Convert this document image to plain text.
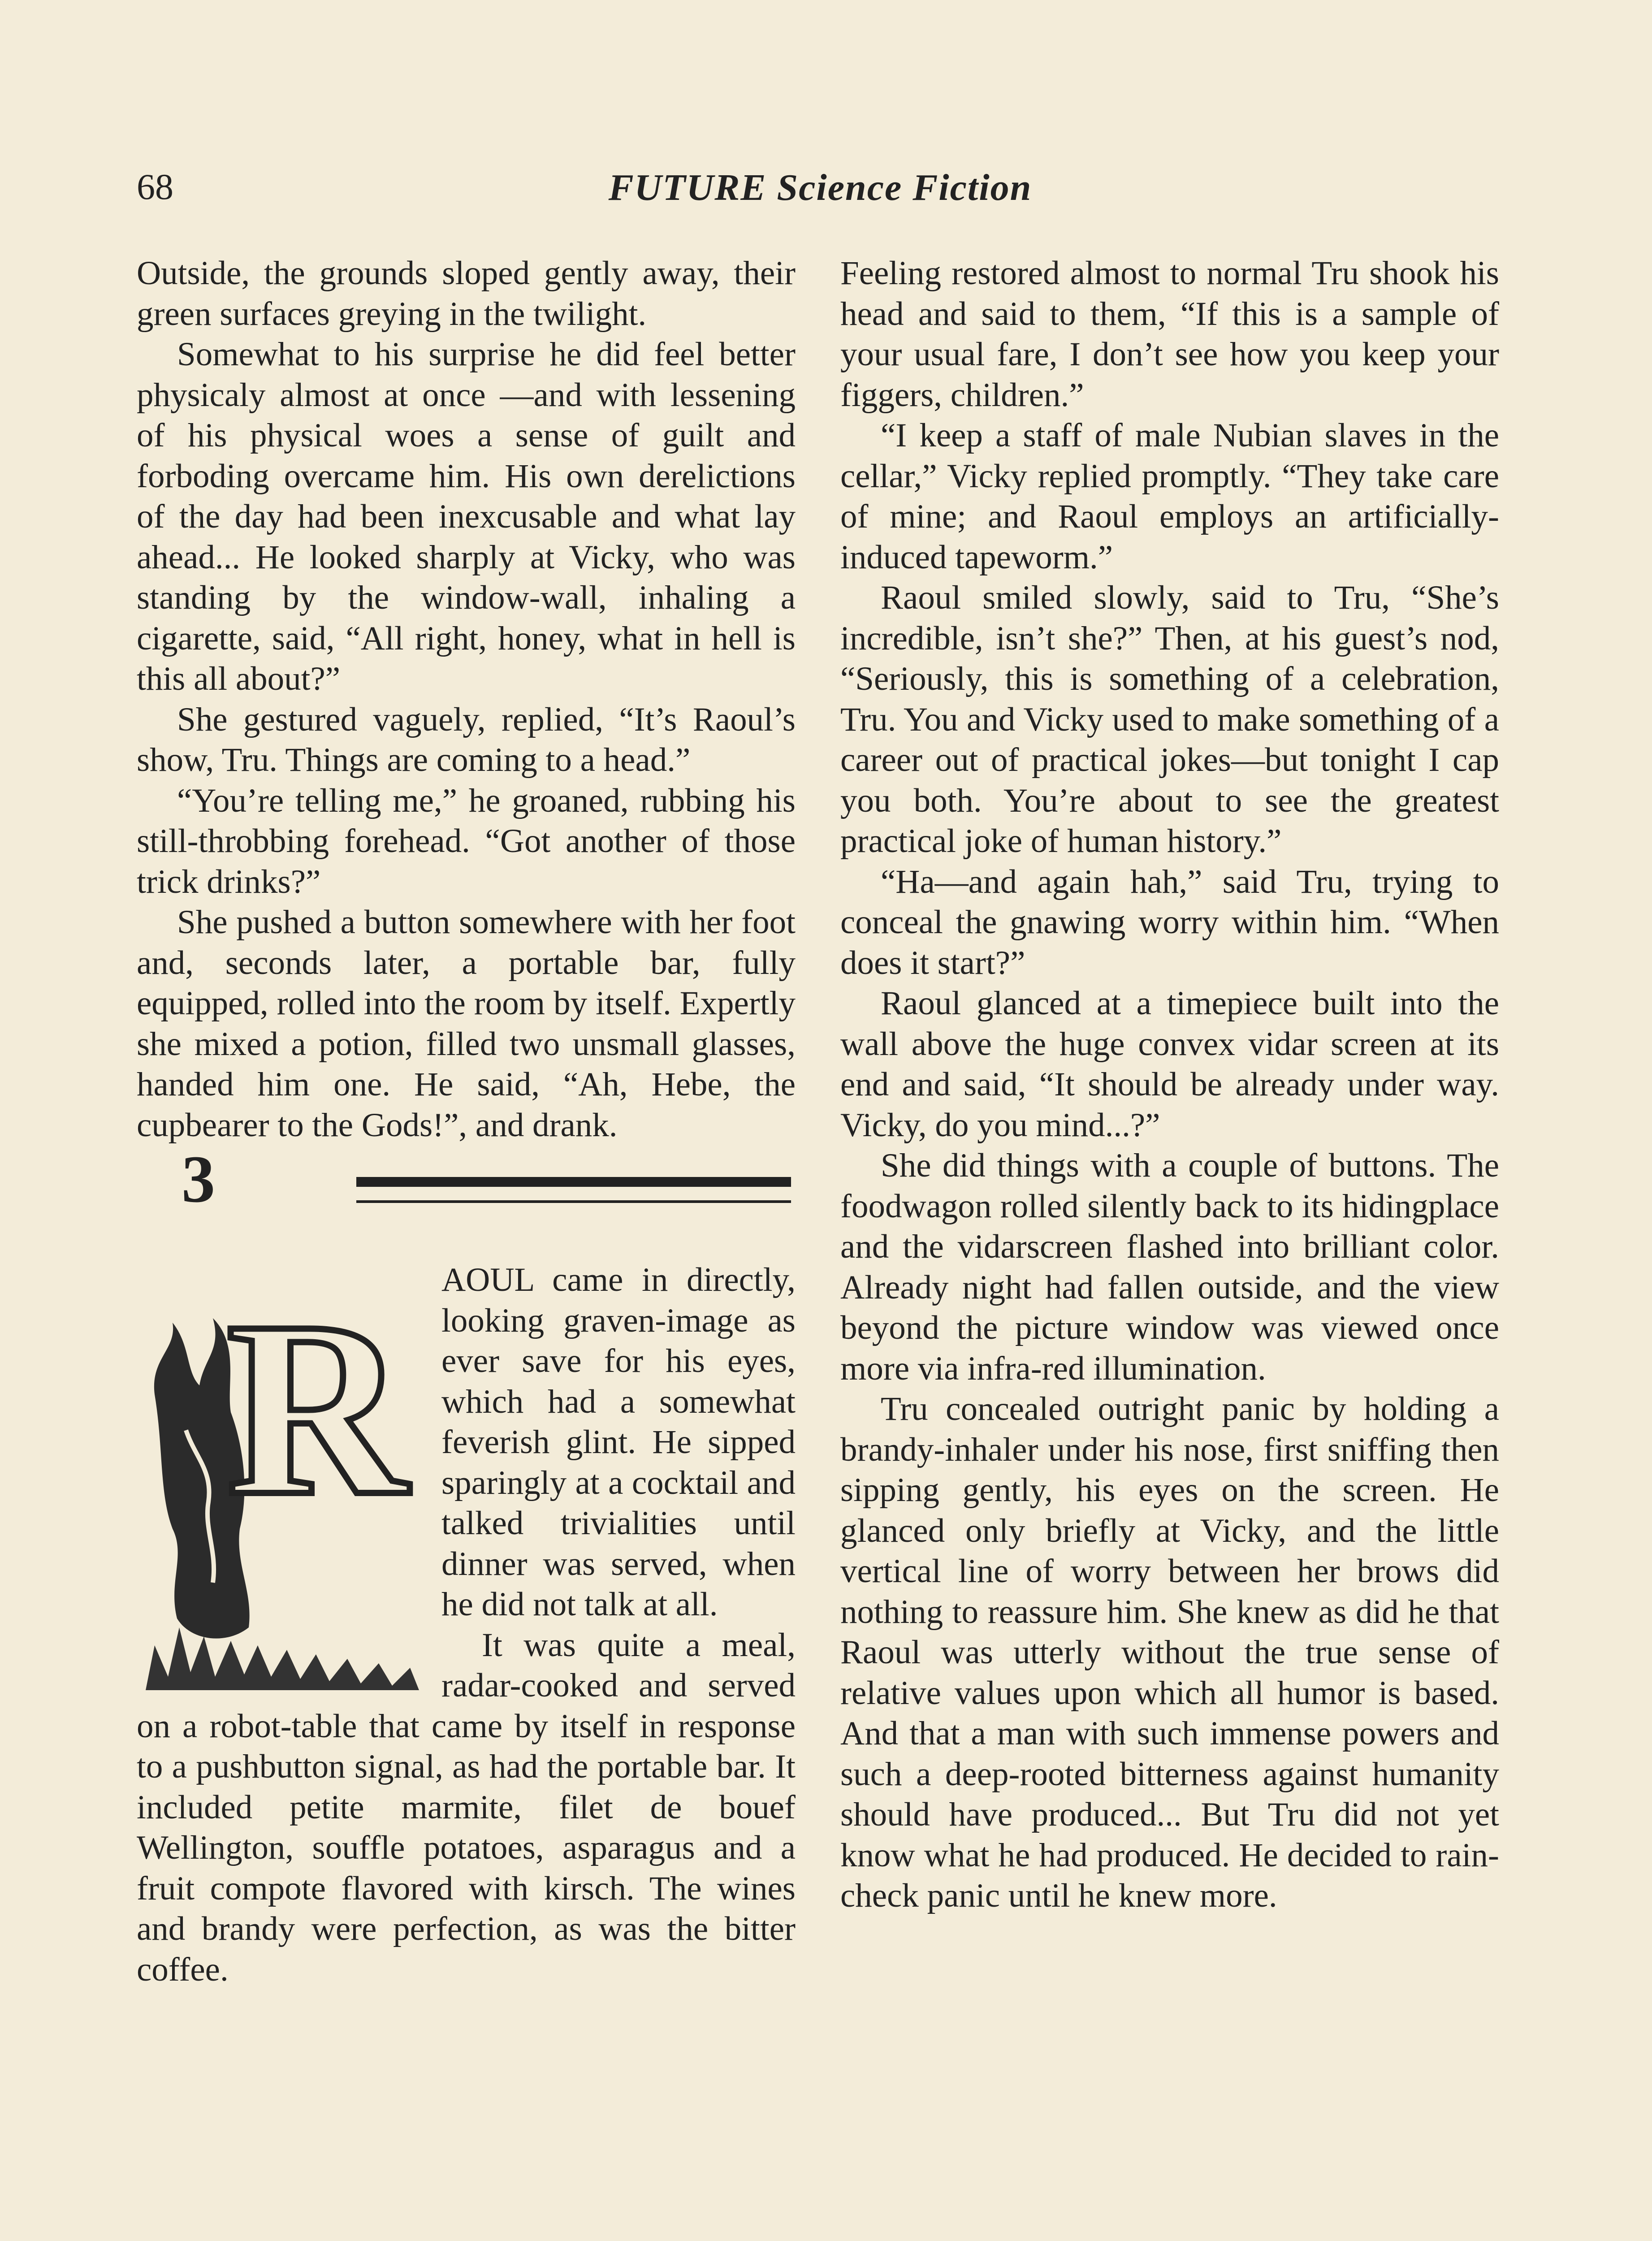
68	FUTURE Science Fiction

Outside, the grounds sloped gently away, their green surfaces greying in the twilight.

Somewhat to his surprise he did feel better physicaly almost at once —and with lessening of his physical woes a sense of guilt and forboding overcame him. His own derelictions of the day had been inexcusable and what lay ahead... He looked sharply at Vicky, who was standing by the window-wall, inhaling a cigarette, said, “All right, honey, what in hell is this all about?”

She gestured vaguely, replied, “It’s Raoul’s show, Tru. Things are coming to a head.”

“You’re telling me,” he groaned, rubbing his still-throbbing forehead. “Got another of those trick drinks?”

She pushed a button somewhere with her foot and, seconds later, a portable bar, fully equipped, rolled into the room by itself. Expertly she mixed a potion, filled two unsmall glasses, handed him one. He said, “Ah, Hebe, the cupbearer to the Gods!”, and drank.

3
R	AOUL came in directly, looking graven-image as ever save for his eyes, which had a somewhat feverish glint. He sipped sparingly at a cocktail and talked trivialities until dinner was served, when he did not talk at all.

It was quite a meal, radar-cooked and served on a robot-table that came by itself in response to a pushbutton signal, as had the portable bar. It included petite marmite, filet de bouef Wellington, souffle potatoes, asparagus and a fruit compote flavored with kirsch. The wines and brandy were perfection, as was the bitter coffee.

Feeling restored almost to normal Tru shook his head and said to them, “If this is a sample of your usual fare, I don’t see how you keep your figgers, children.”

“I keep a staff of male Nubian slaves in the cellar,” Vicky replied promptly. “They take care of mine; and Raoul employs an artificially-induced tapeworm.”

Raoul smiled slowly, said to Tru, “She’s incredible, isn’t she?” Then, at his guest’s nod, “Seriously, this is something of a celebration, Tru. You and Vicky used to make something of a career out of practical jokes—but tonight I cap you both. You’re about to see the greatest practical joke of human history.”

“Ha—and again hah,” said Tru, trying to conceal the gnawing worry within him. “When does it start?”

Raoul glanced at a timepiece built into the wall above the huge convex vidar screen at its end and said, “It should be already under way. Vicky, do you mind...?”

She did things with a couple of buttons. The foodwagon rolled silently back to its hidingplace and the vidarscreen flashed into brilliant color. Already night had fallen outside, and the view beyond the picture window was viewed once more via infra-red illumination.

Tru concealed outright panic by holding a brandy-inhaler under his nose, first sniffing then sipping gently, his eyes on the screen. He glanced only briefly at Vicky, and the little vertical line of worry between her brows did nothing to reassure him. She knew as did he that Raoul was utterly without the true sense of relative values upon which all humor is based. And that a man with such immense powers and such a deep-rooted bitterness against humanity should have produced... But Tru did not yet know what he had produced. He decided to rain-check panic until he knew more.
